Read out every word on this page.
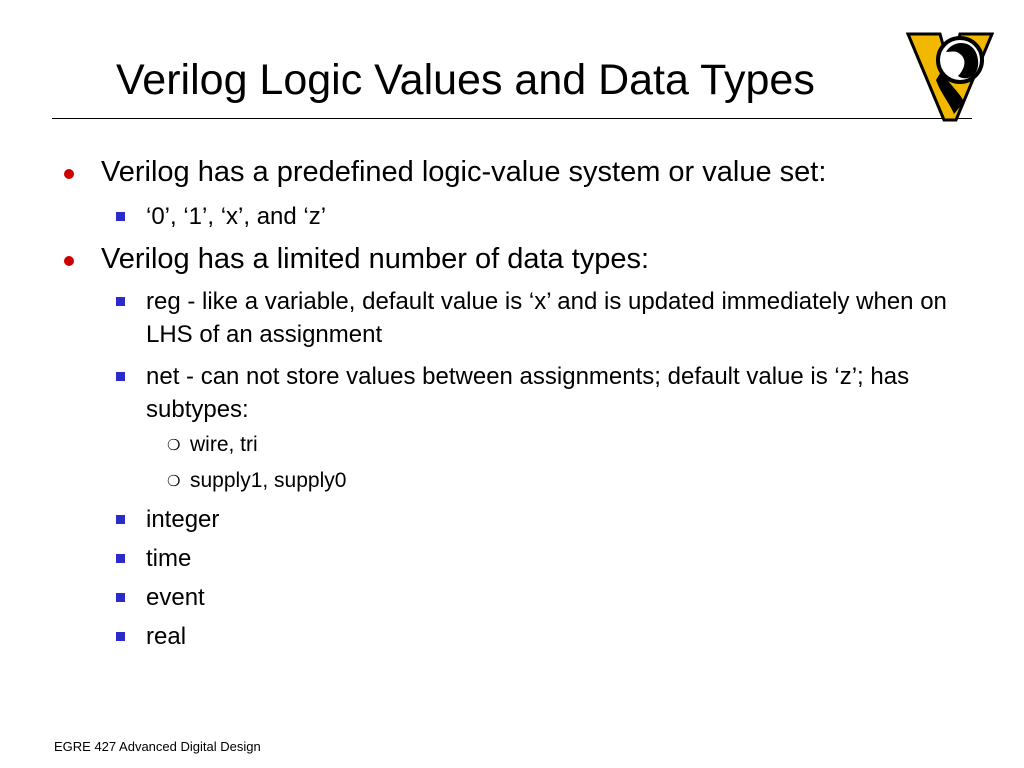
Verilog Logic Values and Data Types
Verilog has a predefined logic-value system or value set:
‘0’, ‘1’, ‘x’, and ‘z’
Verilog has a limited number of data types:
reg - like a variable, default value is ‘x’ and is updated immediately when on LHS of an assignment
net - can not store values between assignments; default value is ‘z’; has subtypes:
❍ wire, tri
❍ supply1, supply0
integer
time
event
real
EGRE 427 Advanced Digital Design
